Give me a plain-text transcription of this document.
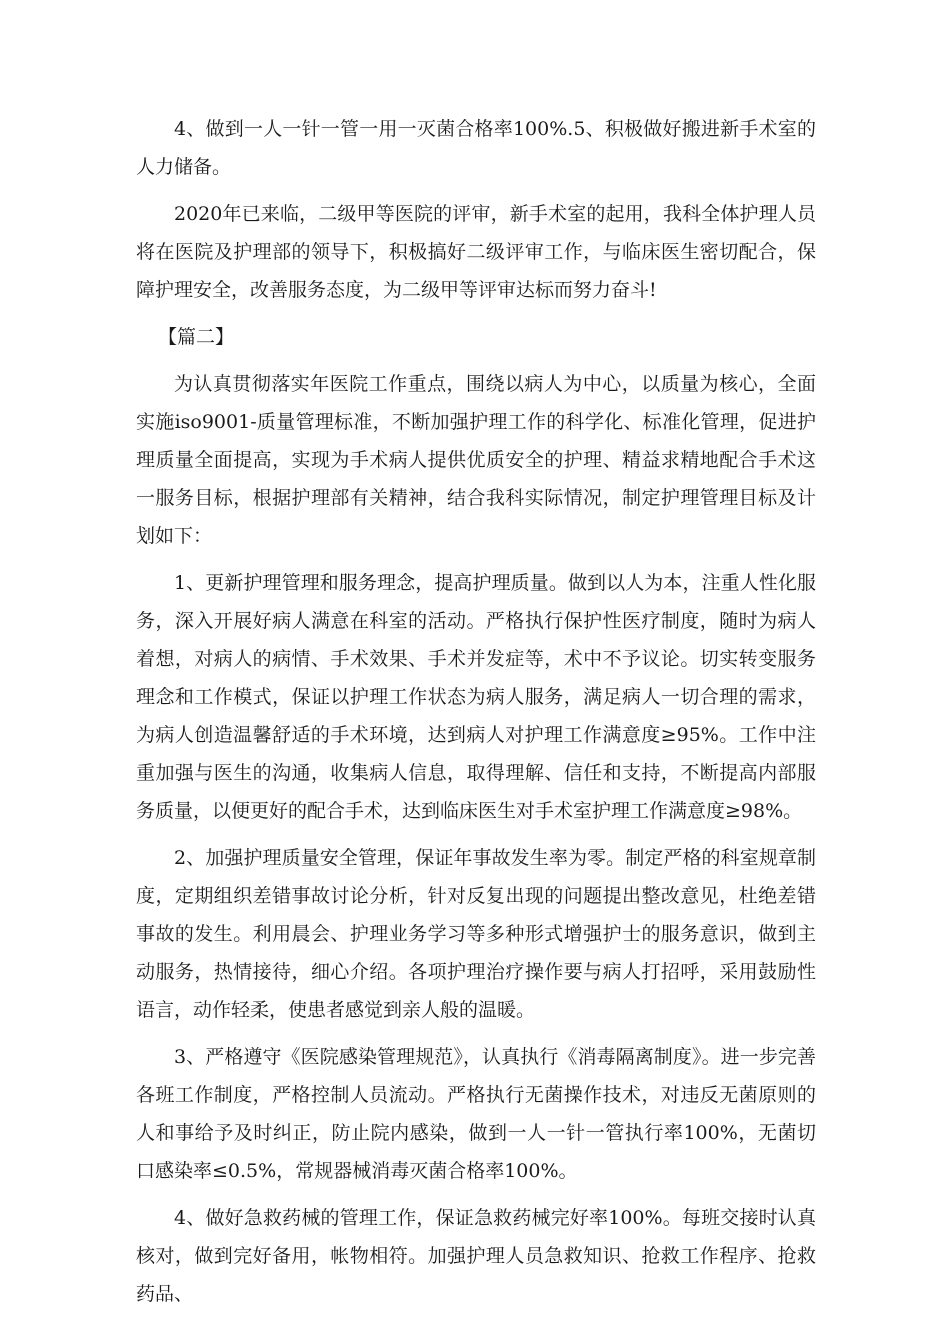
4、做到一人一针一管一用一灭菌合格率100%.5、积极做好搬进新手术室的人力储备。

2020年已来临，二级甲等医院的评审，新手术室的起用，我科全体护理人员将在医院及护理部的领导下，积极搞好二级评审工作，与临床医生密切配合，保障护理安全，改善服务态度，为二级甲等评审达标而努力奋斗!

【篇二】

为认真贯彻落实年医院工作重点，围绕以病人为中心，以质量为核心，全面实施iso9001-质量管理标准，不断加强护理工作的科学化、标准化管理，促进护理质量全面提高，实现为手术病人提供优质安全的护理、精益求精地配合手术这一服务目标，根据护理部有关精神，结合我科实际情况，制定护理管理目标及计划如下：

1、更新护理管理和服务理念，提高护理质量。做到以人为本，注重人性化服务，深入开展好病人满意在科室的活动。严格执行保护性医疗制度，随时为病人着想，对病人的病情、手术效果、手术并发症等，术中不予议论。切实转变服务理念和工作模式，保证以护理工作状态为病人服务，满足病人一切合理的需求，为病人创造温馨舒适的手术环境，达到病人对护理工作满意度≥95%。工作中注重加强与医生的沟通，收集病人信息，取得理解、信任和支持，不断提高内部服务质量，以便更好的配合手术，达到临床医生对手术室护理工作满意度≥98%。

2、加强护理质量安全管理，保证年事故发生率为零。制定严格的科室规章制度，定期组织差错事故讨论分析，针对反复出现的问题提出整改意见，杜绝差错事故的发生。利用晨会、护理业务学习等多种形式增强护士的服务意识，做到主动服务，热情接待，细心介绍。各项护理治疗操作要与病人打招呼，采用鼓励性语言，动作轻柔，使患者感觉到亲人般的温暖。

3、严格遵守《医院感染管理规范》，认真执行《消毒隔离制度》。进一步完善各班工作制度，严格控制人员流动。严格执行无菌操作技术，对违反无菌原则的人和事给予及时纠正，防止院内感染，做到一人一针一管执行率100%，无菌切口感染率≤0.5%，常规器械消毒灭菌合格率100%。

4、做好急救药械的管理工作，保证急救药械完好率100%。每班交接时认真核对，做到完好备用，帐物相符。加强护理人员急救知识、抢救工作程序、抢救药品、
